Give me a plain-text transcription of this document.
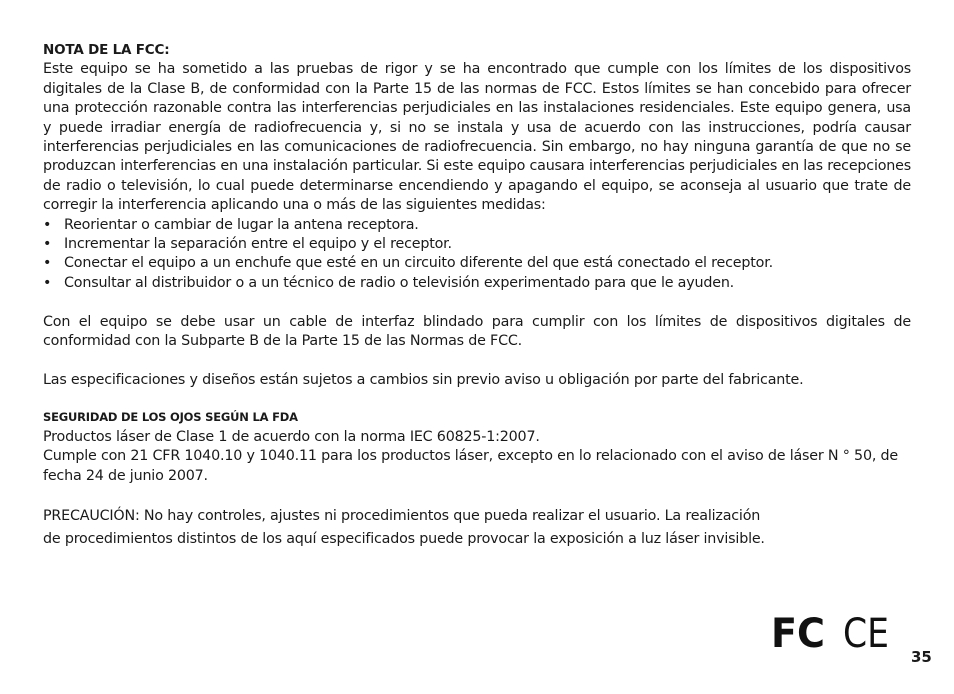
NOTA DE LA FCC:

Este equipo se ha sometido a las pruebas de rigor y se ha encontrado que cumple con los límites de los dispositivos digitales de la Clase B, de conformidad con la Parte 15 de las normas de FCC. Estos límites se han concebido para ofrecer una protección razonable contra las interferencias perjudiciales en las instalaciones residenciales. Este equipo genera, usa y puede irradiar energía de radiofrecuencia y, si no se instala y usa de acuerdo con las instrucciones, podría causar interferencias perjudiciales en las comunicaciones de radiofrecuencia. Sin embargo, no hay ninguna garantía de que no se produzcan interferencias en una instalación particular. Si este equipo causara interferencias perjudiciales en las recepciones de radio o televisión, lo cual puede determinarse encendiendo y apagando el equipo, se aconseja al usuario que trate de corregir la interferencia aplicando una o más de las siguientes medidas:

• Reorientar o cambiar de lugar la antena receptora.
• Incrementar la separación entre el equipo y el receptor.
• Conectar el equipo a un enchufe que esté en un circuito diferente del que está conectado el receptor.
• Consultar al distribuidor o a un técnico de radio o televisión experimentado para que le ayuden.

Con el equipo se debe usar un cable de interfaz blindado para cumplir con los límites de dispositivos digitales de conformidad con la Subparte B de la Parte 15 de las Normas de FCC.

Las especificaciones y diseños están sujetos a cambios sin previo aviso u obligación por parte del fabricante.

SEGURIDAD DE LOS OJOS SEGÚN LA FDA

Productos láser de Clase 1 de acuerdo con la norma IEC 60825-1:2007.

Cumple con 21 CFR 1040.10 y 1040.11 para los productos láser, excepto en lo relacionado con el aviso de láser N ° 50, de fecha 24 de junio 2007.

PRECAUCIÓN: No hay controles, ajustes ni procedimientos que pueda realizar el usuario. La realización

de procedimientos distintos de los aquí especificados puede provocar la exposición a luz láser invisible.

FC CE 35
